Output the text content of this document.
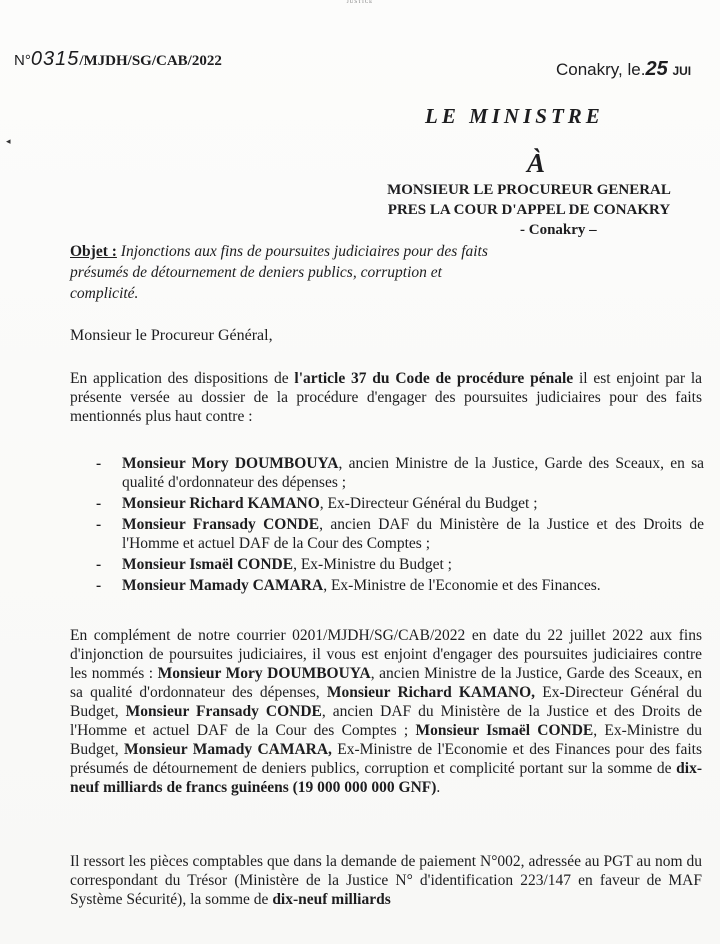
JUSTICE
N°0315/MJDH/SG/CAB/2022	Conakry, le.25 JUI
◂
LE MINISTRE
À
MONSIEUR LE PROCUREUR GENERAL
PRES LA COUR D'APPEL DE CONAKRY
- Conakry –
Objet : Injonctions aux fins de poursuites judiciaires pour des faits présumés de détournement de deniers publics, corruption et complicité.
Monsieur le Procureur Général,
En application des dispositions de l'article 37 du Code de procédure pénale il est enjoint par la présente versée au dossier de la procédure d'engager des poursuites judiciaires pour des faits mentionnés plus haut contre :
- Monsieur Mory DOUMBOUYA, ancien Ministre de la Justice, Garde des Sceaux, en sa qualité d'ordonnateur des dépenses ;
- Monsieur Richard KAMANO, Ex-Directeur Général du Budget ;
- Monsieur Fransady CONDE, ancien DAF du Ministère de la Justice et des Droits de l'Homme et actuel DAF de la Cour des Comptes ;
- Monsieur Ismaël CONDE, Ex-Ministre du Budget ;
- Monsieur Mamady CAMARA, Ex-Ministre de l'Economie et des Finances.
En complément de notre courrier 0201/MJDH/SG/CAB/2022 en date du 22 juillet 2022 aux fins d'injonction de poursuites judiciaires, il vous est enjoint d'engager des poursuites judiciaires contre les nommés : Monsieur Mory DOUMBOUYA, ancien Ministre de la Justice, Garde des Sceaux, en sa qualité d'ordonnateur des dépenses, Monsieur Richard KAMANO, Ex-Directeur Général du Budget, Monsieur Fransady CONDE, ancien DAF du Ministère de la Justice et des Droits de l'Homme et actuel DAF de la Cour des Comptes ; Monsieur Ismaël CONDE, Ex-Ministre du Budget, Monsieur Mamady CAMARA, Ex-Ministre de l'Economie et des Finances pour des faits présumés de détournement de deniers publics, corruption et complicité portant sur la somme de dix-neuf milliards de francs guinéens (19 000 000 000 GNF).
Il ressort les pièces comptables que dans la demande de paiement N°002, adressée au PGT au nom du correspondant du Trésor (Ministère de la Justice N° d'identification 223/147 en faveur de MAF Système Sécurité), la somme de dix-neuf milliards
